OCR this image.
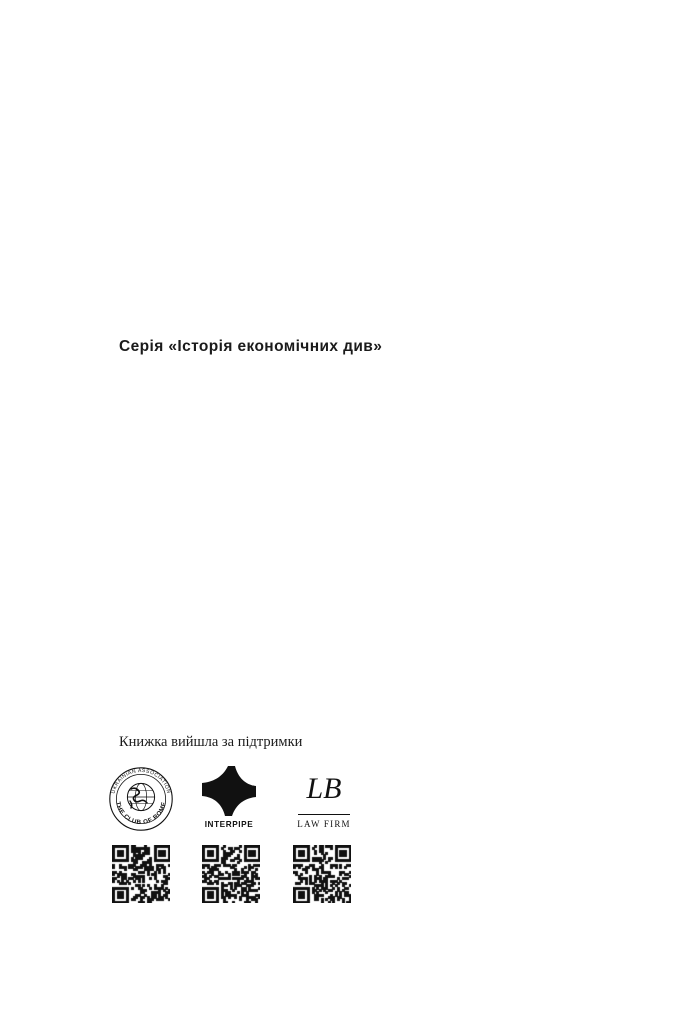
Серія «Історія економічних див»
Книжка вийшла за підтримки
UKRAINIAN ASSOCIATION
THE CLUB OF ROME
INTERPIPE
LB
LAW FIRM
